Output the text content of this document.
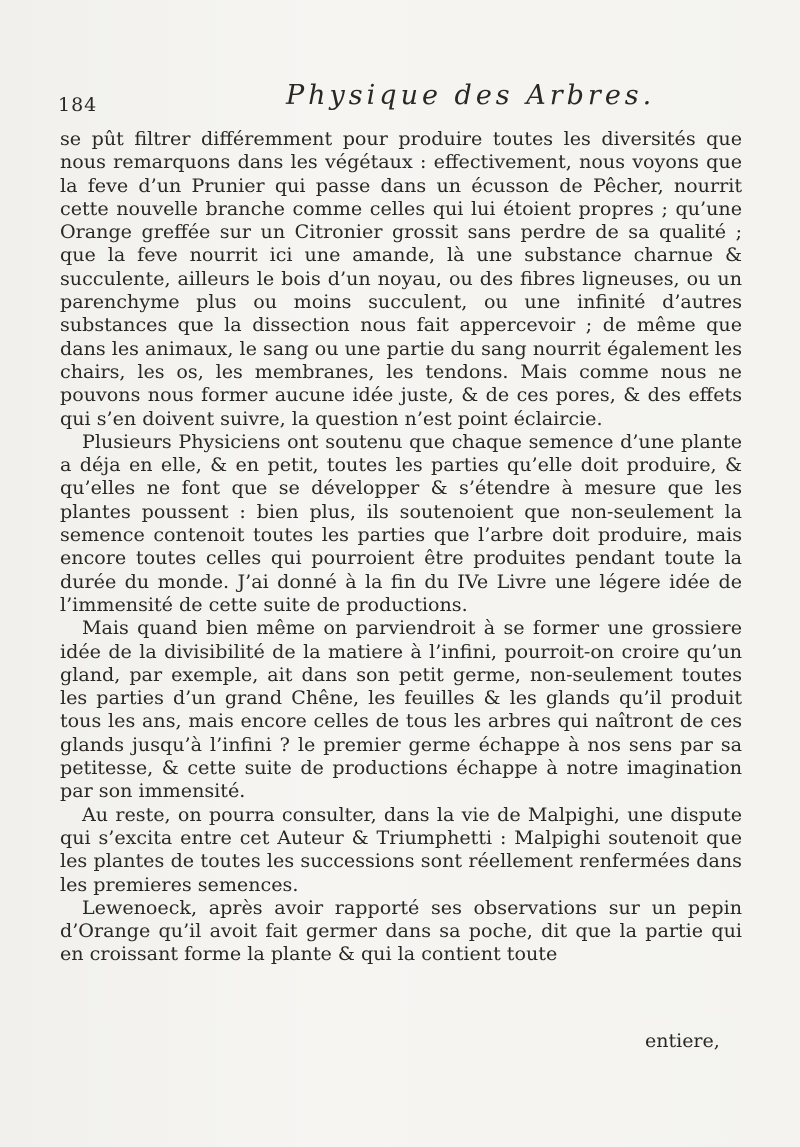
184	Physique des Arbres.

se pût filtrer différemment pour produire toutes les diversités que nous remarquons dans les végétaux : effectivement, nous voyons que la feve d’un Prunier qui passe dans un écusson de Pêcher, nourrit cette nouvelle branche comme celles qui lui étoient propres ; qu’une Orange greffée sur un Citronier grossit sans perdre de sa qualité ; que la feve nourrit ici une amande, là une substance charnue & succulente, ailleurs le bois d’un noyau, ou des fibres ligneuses, ou un parenchyme plus ou moins succulent, ou une infinité d’autres substances que la dissection nous fait appercevoir ; de même que dans les animaux, le sang ou une partie du sang nourrit également les chairs, les os, les membranes, les tendons. Mais comme nous ne pouvons nous former aucune idée juste, & de ces pores, & des effets qui s’en doivent suivre, la question n’est point éclaircie.

Plusieurs Physiciens ont soutenu que chaque semence d’une plante a déja en elle, & en petit, toutes les parties qu’elle doit produire, & qu’elles ne font que se développer & s’étendre à mesure que les plantes poussent : bien plus, ils soutenoient que non-seulement la semence contenoit toutes les parties que l’arbre doit produire, mais encore toutes celles qui pourroient être produites pendant toute la durée du monde. J’ai donné à la fin du IVe Livre une légere idée de l’immensité de cette suite de productions.

Mais quand bien même on parviendroit à se former une grossiere idée de la divisibilité de la matiere à l’infini, pourroit-on croire qu’un gland, par exemple, ait dans son petit germe, non-seulement toutes les parties d’un grand Chêne, les feuilles & les glands qu’il produit tous les ans, mais encore celles de tous les arbres qui naîtront de ces glands jusqu’à l’infini ? le premier germe échappe à nos sens par sa petitesse, & cette suite de productions échappe à notre imagination par son immensité.

Au reste, on pourra consulter, dans la vie de Malpighi, une dispute qui s’excita entre cet Auteur & Triumphetti : Malpighi soutenoit que les plantes de toutes les successions sont réellement renfermées dans les premieres semences.

Lewenoeck, après avoir rapporté ses observations sur un pepin d’Orange qu’il avoit fait germer dans sa poche, dit que la partie qui en croissant forme la plante & qui la contient toute

entiere,
